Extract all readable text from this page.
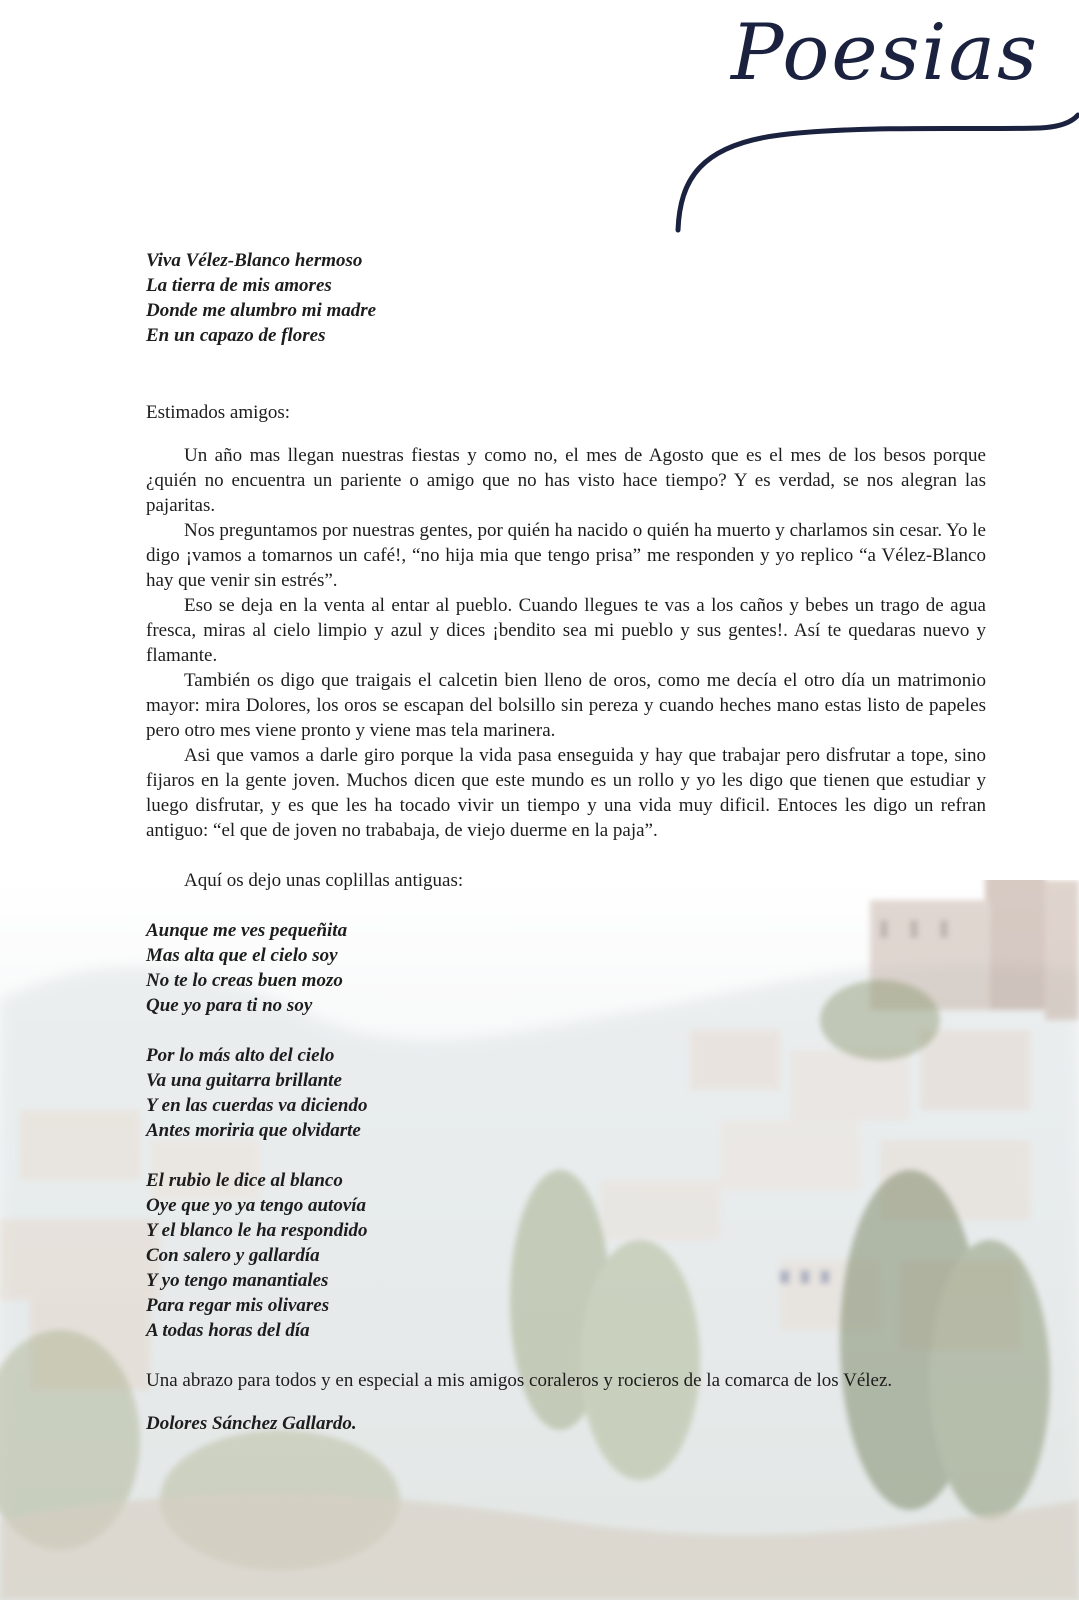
Poesias
Viva Vélez-Blanco hermoso
La tierra de mis amores
Donde me alumbro mi madre
En un capazo de flores

Estimados amigos:

Un año mas llegan nuestras fiestas y como no, el mes de Agosto que es el mes de los besos porque ¿quién no encuentra un pariente o amigo que no has visto hace tiempo? Y es verdad, se nos alegran las pajaritas.

Nos preguntamos por nuestras gentes, por quién ha nacido o quién ha muerto y charlamos sin cesar. Yo le digo ¡vamos a tomarnos un café!, “no hija mia que tengo prisa” me responden y yo replico “a Vélez-Blanco hay que venir sin estrés”.

Eso se deja en la venta al entar al pueblo. Cuando llegues te vas a los caños y bebes un trago de agua fresca, miras al cielo limpio y azul y dices ¡bendito sea mi pueblo y sus gentes!. Así te quedaras nuevo y flamante.

También os digo que traigais el calcetin bien lleno de oros, como me decía el otro día un matrimonio mayor: mira Dolores, los oros se escapan del bolsillo sin pereza y cuando heches mano estas listo de papeles pero otro mes viene pronto y viene mas tela marinera.

Asi que vamos a darle giro porque la vida pasa enseguida y hay que trabajar pero disfrutar a tope, sino fijaros en la gente joven. Muchos dicen que este mundo es un rollo y yo les digo que tienen que estudiar y luego disfrutar, y es que les ha tocado vivir un tiempo y una vida muy dificil. Entoces les digo un refran antiguo: “el que de joven no trababaja, de viejo duerme en la paja”.

Aquí os dejo unas coplillas antiguas:

Aunque me ves pequeñita
Mas alta que el cielo soy
No te lo creas buen mozo
Que yo para ti no soy
Por lo más alto del cielo
Va una guitarra brillante
Y en las cuerdas va diciendo
Antes moriria que olvidarte
El rubio le dice al blanco
Oye que yo ya tengo autovía
Y el blanco le ha respondido
Con salero y gallardía
Y yo tengo manantiales
Para regar mis olivares
A todas horas del día

Una abrazo para todos y en especial a mis amigos coraleros y rocieros de la comarca de los Vélez.

Dolores Sánchez Gallardo.
